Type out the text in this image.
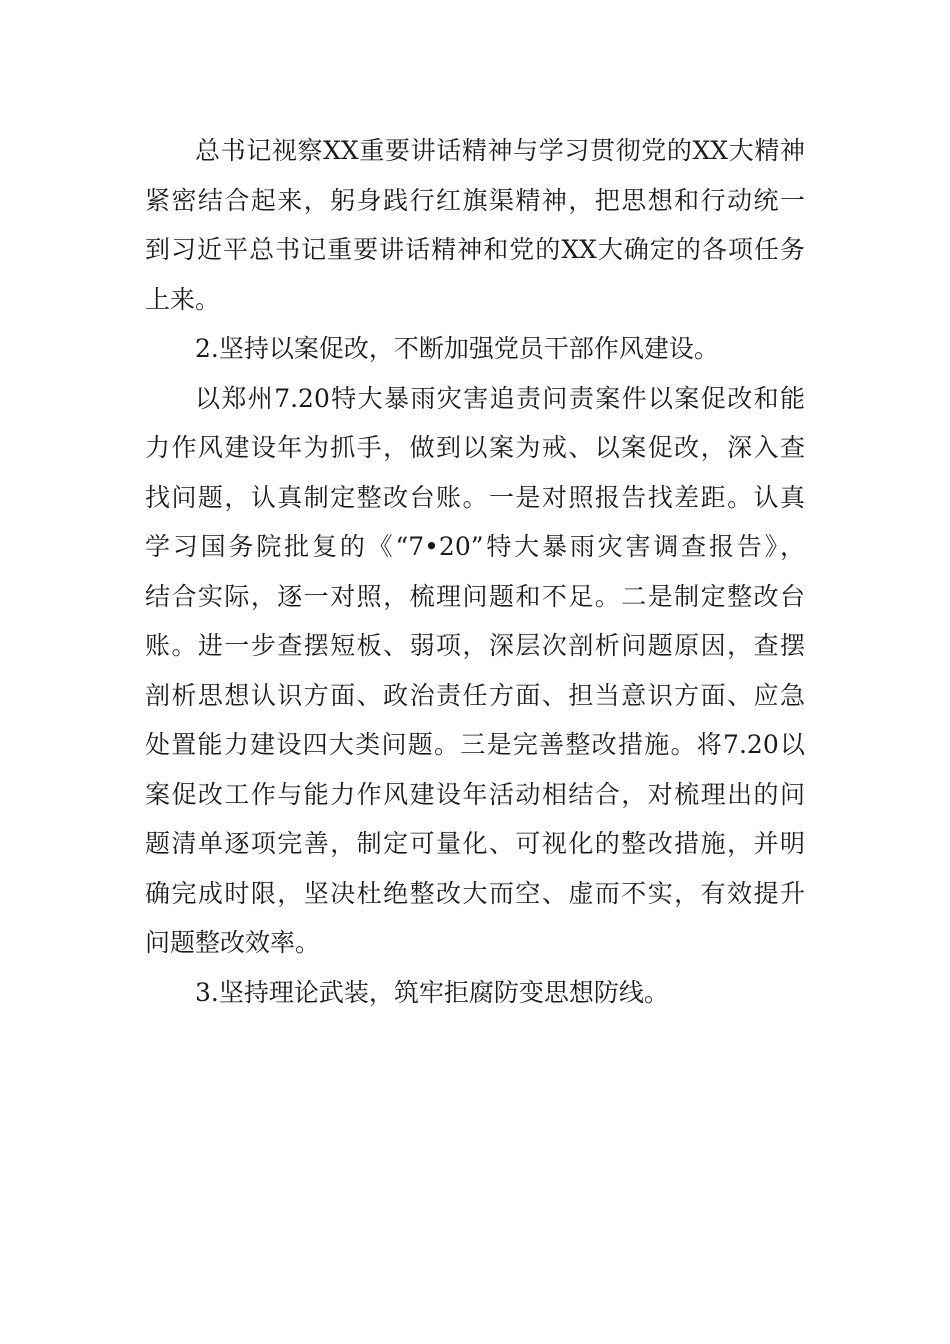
总书记视察XX重要讲话精神与学习贯彻党的XX大精神
紧密结合起来，躬身践行红旗渠精神，把思想和行动统一
到习近平总书记重要讲话精神和党的XX大确定的各项任务
上来。
2.坚持以案促改，不断加强党员干部作风建设。
以郑州7.20特大暴雨灾害追责问责案件以案促改和能
力作风建设年为抓手，做到以案为戒、以案促改，深入查
找问题，认真制定整改台账。一是对照报告找差距。认真
学习国务院批复的《“7•20”特大暴雨灾害调查报告》，
结合实际，逐一对照，梳理问题和不足。二是制定整改台
账。进一步查摆短板、弱项，深层次剖析问题原因，查摆
剖析思想认识方面、政治责任方面、担当意识方面、应急
处置能力建设四大类问题。三是完善整改措施。将7.20以
案促改工作与能力作风建设年活动相结合，对梳理出的问
题清单逐项完善，制定可量化、可视化的整改措施，并明
确完成时限，坚决杜绝整改大而空、虚而不实，有效提升
问题整改效率。
3.坚持理论武装，筑牢拒腐防变思想防线。
